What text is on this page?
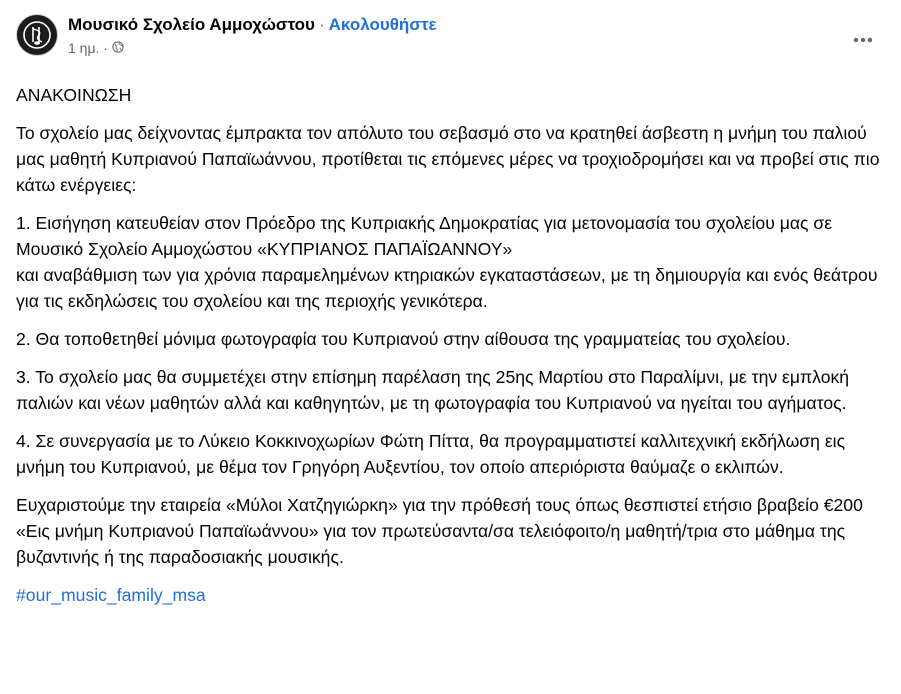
Μουσικό Σχολείο Αμμοχώστου · Ακολουθήστε
1 ημ. ·

ΑΝΑΚΟΙΝΩΣΗ

Το σχολείο μας δείχνοντας έμπρακτα τον απόλυτο του σεβασμό στο να κρατηθεί άσβεστη η μνήμη του παλιού μας μαθητή Κυπριανού Παπαϊωάννου, προτίθεται τις επόμενες μέρες να τροχιοδρομήσει και να προβεί στις πιο κάτω ενέργειες:

1. Εισήγηση κατευθείαν στον Πρόεδρο της Κυπριακής Δημοκρατίας για μετονομασία του σχολείου μας σε Μουσικό Σχολείο Αμμοχώστου «ΚΥΠΡΙΑΝΟΣ ΠΑΠΑΪΩΑΝΝΟΥ»
και αναβάθμιση των για χρόνια παραμελημένων κτηριακών εγκαταστάσεων, με τη δημιουργία και ενός θεάτρου για τις εκδηλώσεις του σχολείου και της περιοχής γενικότερα.

2. Θα τοποθετηθεί μόνιμα φωτογραφία του Κυπριανού στην αίθουσα της γραμματείας του σχολείου.

3. Το σχολείο μας θα συμμετέχει στην επίσημη παρέλαση της 25ης Μαρτίου στο Παραλίμνι, με την εμπλοκή παλιών και νέων μαθητών αλλά και καθηγητών, με τη φωτογραφία του Κυπριανού να ηγείται του αγήματος.

4. Σε συνεργασία με το Λύκειο Κοκκινοχωρίων Φώτη Πίττα, θα προγραμματιστεί καλλιτεχνική εκδήλωση εις μνήμη του Κυπριανού, με θέμα τον Γρηγόρη Αυξεντίου, τον οποίο απεριόριστα θαύμαζε ο εκλιπών.

Ευχαριστούμε την εταιρεία «Μύλοι Χατζηγιώρκη» για την πρόθεσή τους όπως θεσπιστεί ετήσιο βραβείο €200 «Εις μνήμη Κυπριανού Παπαϊωάννου» για τον πρωτεύσαντα/σα τελειόφοιτο/η μαθητή/τρια στο μάθημα της βυζαντινής ή της παραδοσιακής μουσικής.

#our_music_family_msa
